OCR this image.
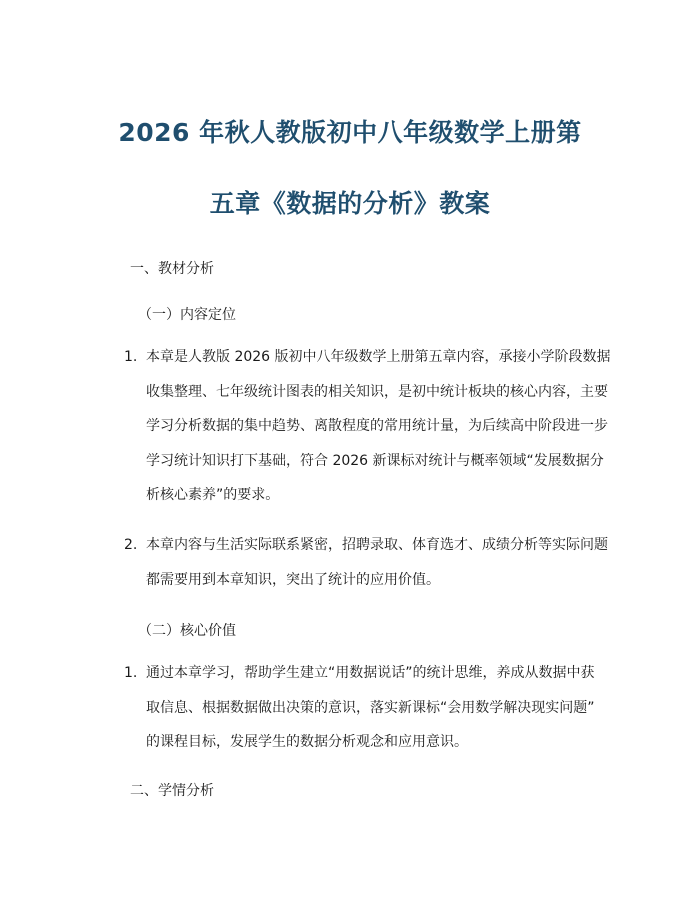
2026 年秋人教版初中八年级数学上册第
五章《数据的分析》教案
一、教材分析
（一）内容定位
1. 本章是人教版 2026 版初中八年级数学上册第五章内容，承接小学阶段数据
收集整理、七年级统计图表的相关知识，是初中统计板块的核心内容，主要
学习分析数据的集中趋势、离散程度的常用统计量，为后续高中阶段进一步
学习统计知识打下基础，符合 2026 新课标对统计与概率领域“发展数据分
析核心素养”的要求。
2. 本章内容与生活实际联系紧密，招聘录取、体育选才、成绩分析等实际问题
都需要用到本章知识，突出了统计的应用价值。
（二）核心价值
1. 通过本章学习，帮助学生建立“用数据说话”的统计思维，养成从数据中获
取信息、根据数据做出决策的意识，落实新课标“会用数学解决现实问题”
的课程目标，发展学生的数据分析观念和应用意识。
二、学情分析
